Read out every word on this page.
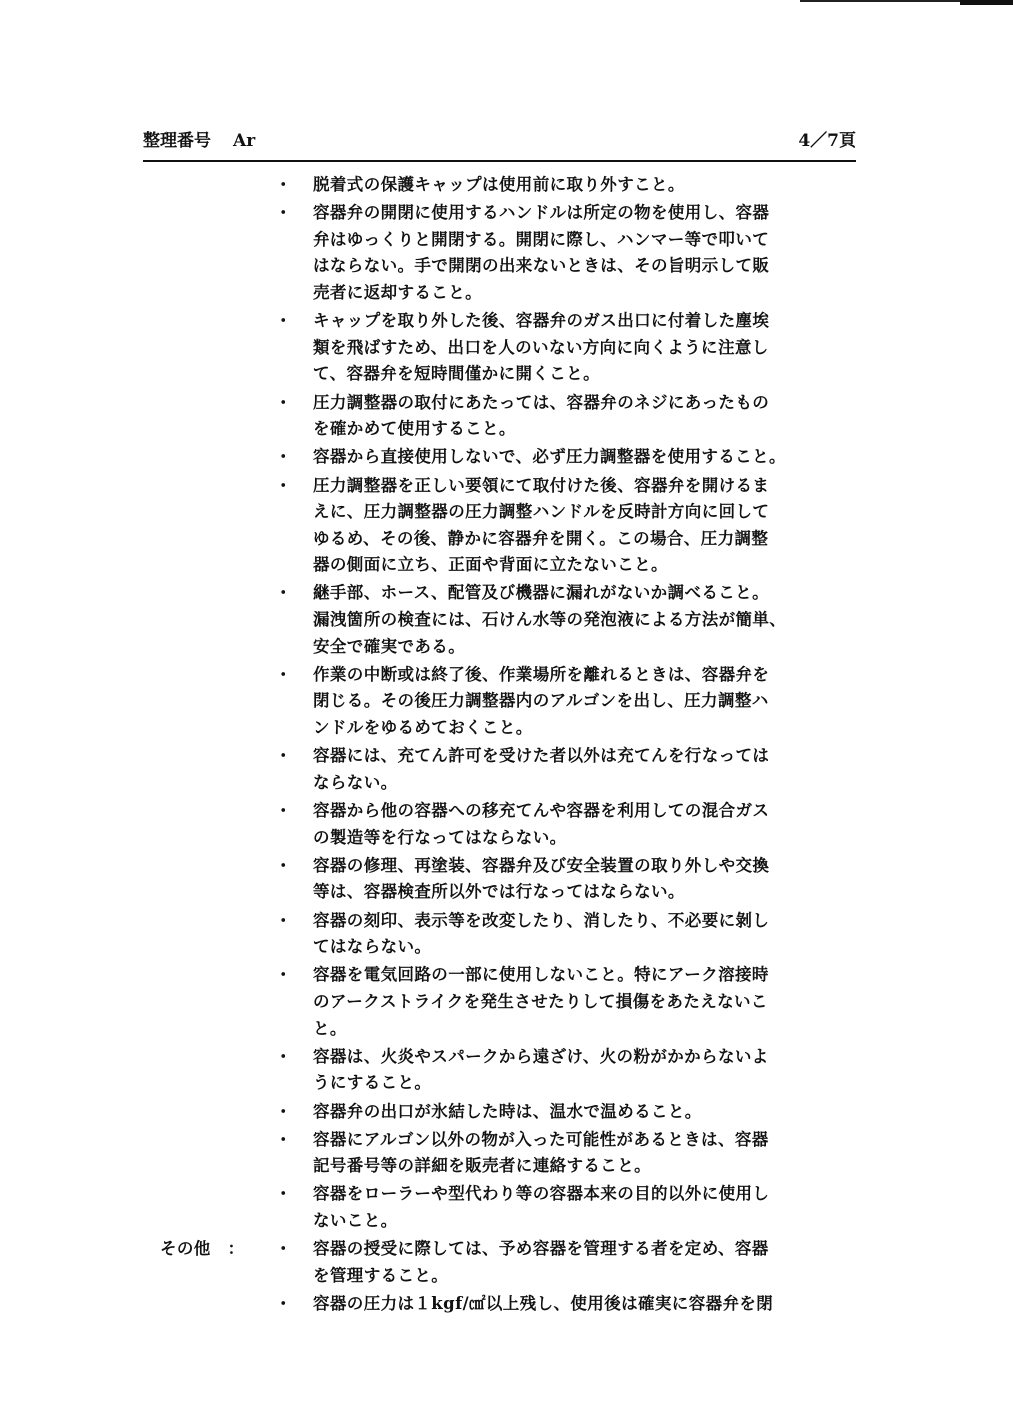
整理番号 Ar	4／7頁
・ 脱着式の保護キャップは使用前に取り外すこと。
・ 容器弁の開閉に使用するハンドルは所定の物を使用し、容器
弁はゆっくりと開閉する。開閉に際し、ハンマー等で叩いて
はならない。手で開閉の出来ないときは、その旨明示して販
売者に返却すること。
・ キャップを取り外した後、容器弁のガス出口に付着した塵埃
類を飛ばすため、出口を人のいない方向に向くように注意し
て、容器弁を短時間僅かに開くこと。
・ 圧力調整器の取付にあたっては、容器弁のネジにあったもの
を確かめて使用すること。
・ 容器から直接使用しないで、必ず圧力調整器を使用すること。
・ 圧力調整器を正しい要領にて取付けた後、容器弁を開けるま
えに、圧力調整器の圧力調整ハンドルを反時計方向に回して
ゆるめ、その後、静かに容器弁を開く。この場合、圧力調整
器の側面に立ち、正面や背面に立たないこと。
・ 継手部、ホース、配管及び機器に漏れがないか調べること。
漏洩箇所の検査には、石けん水等の発泡液による方法が簡単、
安全で確実である。
・ 作業の中断或は終了後、作業場所を離れるときは、容器弁を
閉じる。その後圧力調整器内のアルゴンを出し、圧力調整ハ
ンドルをゆるめておくこと。
・ 容器には、充てん許可を受けた者以外は充てんを行なっては
ならない。
・ 容器から他の容器への移充てんや容器を利用しての混合ガス
の製造等を行なってはならない。
・ 容器の修理、再塗装、容器弁及び安全装置の取り外しや交換
等は、容器検査所以外では行なってはならない。
・ 容器の刻印、表示等を改変したり、消したり、不必要に剝し
てはならない。
・ 容器を電気回路の一部に使用しないこと。特にアーク溶接時
のアークストライクを発生させたりして損傷をあたえないこ
と。
・ 容器は、火炎やスパークから遠ざけ、火の粉がかからないよ
うにすること。
・ 容器弁の出口が氷結した時は、温水で温めること。
・ 容器にアルゴン以外の物が入った可能性があるときは、容器
記号番号等の詳細を販売者に連絡すること。
・ 容器をローラーや型代わり等の容器本来の目的以外に使用し
ないこと。
その他　： ・ 容器の授受に際しては、予め容器を管理する者を定め、容器
を管理すること。
・ 容器の圧力は１kgf/㎠以上残し、使用後は確実に容器弁を閉
